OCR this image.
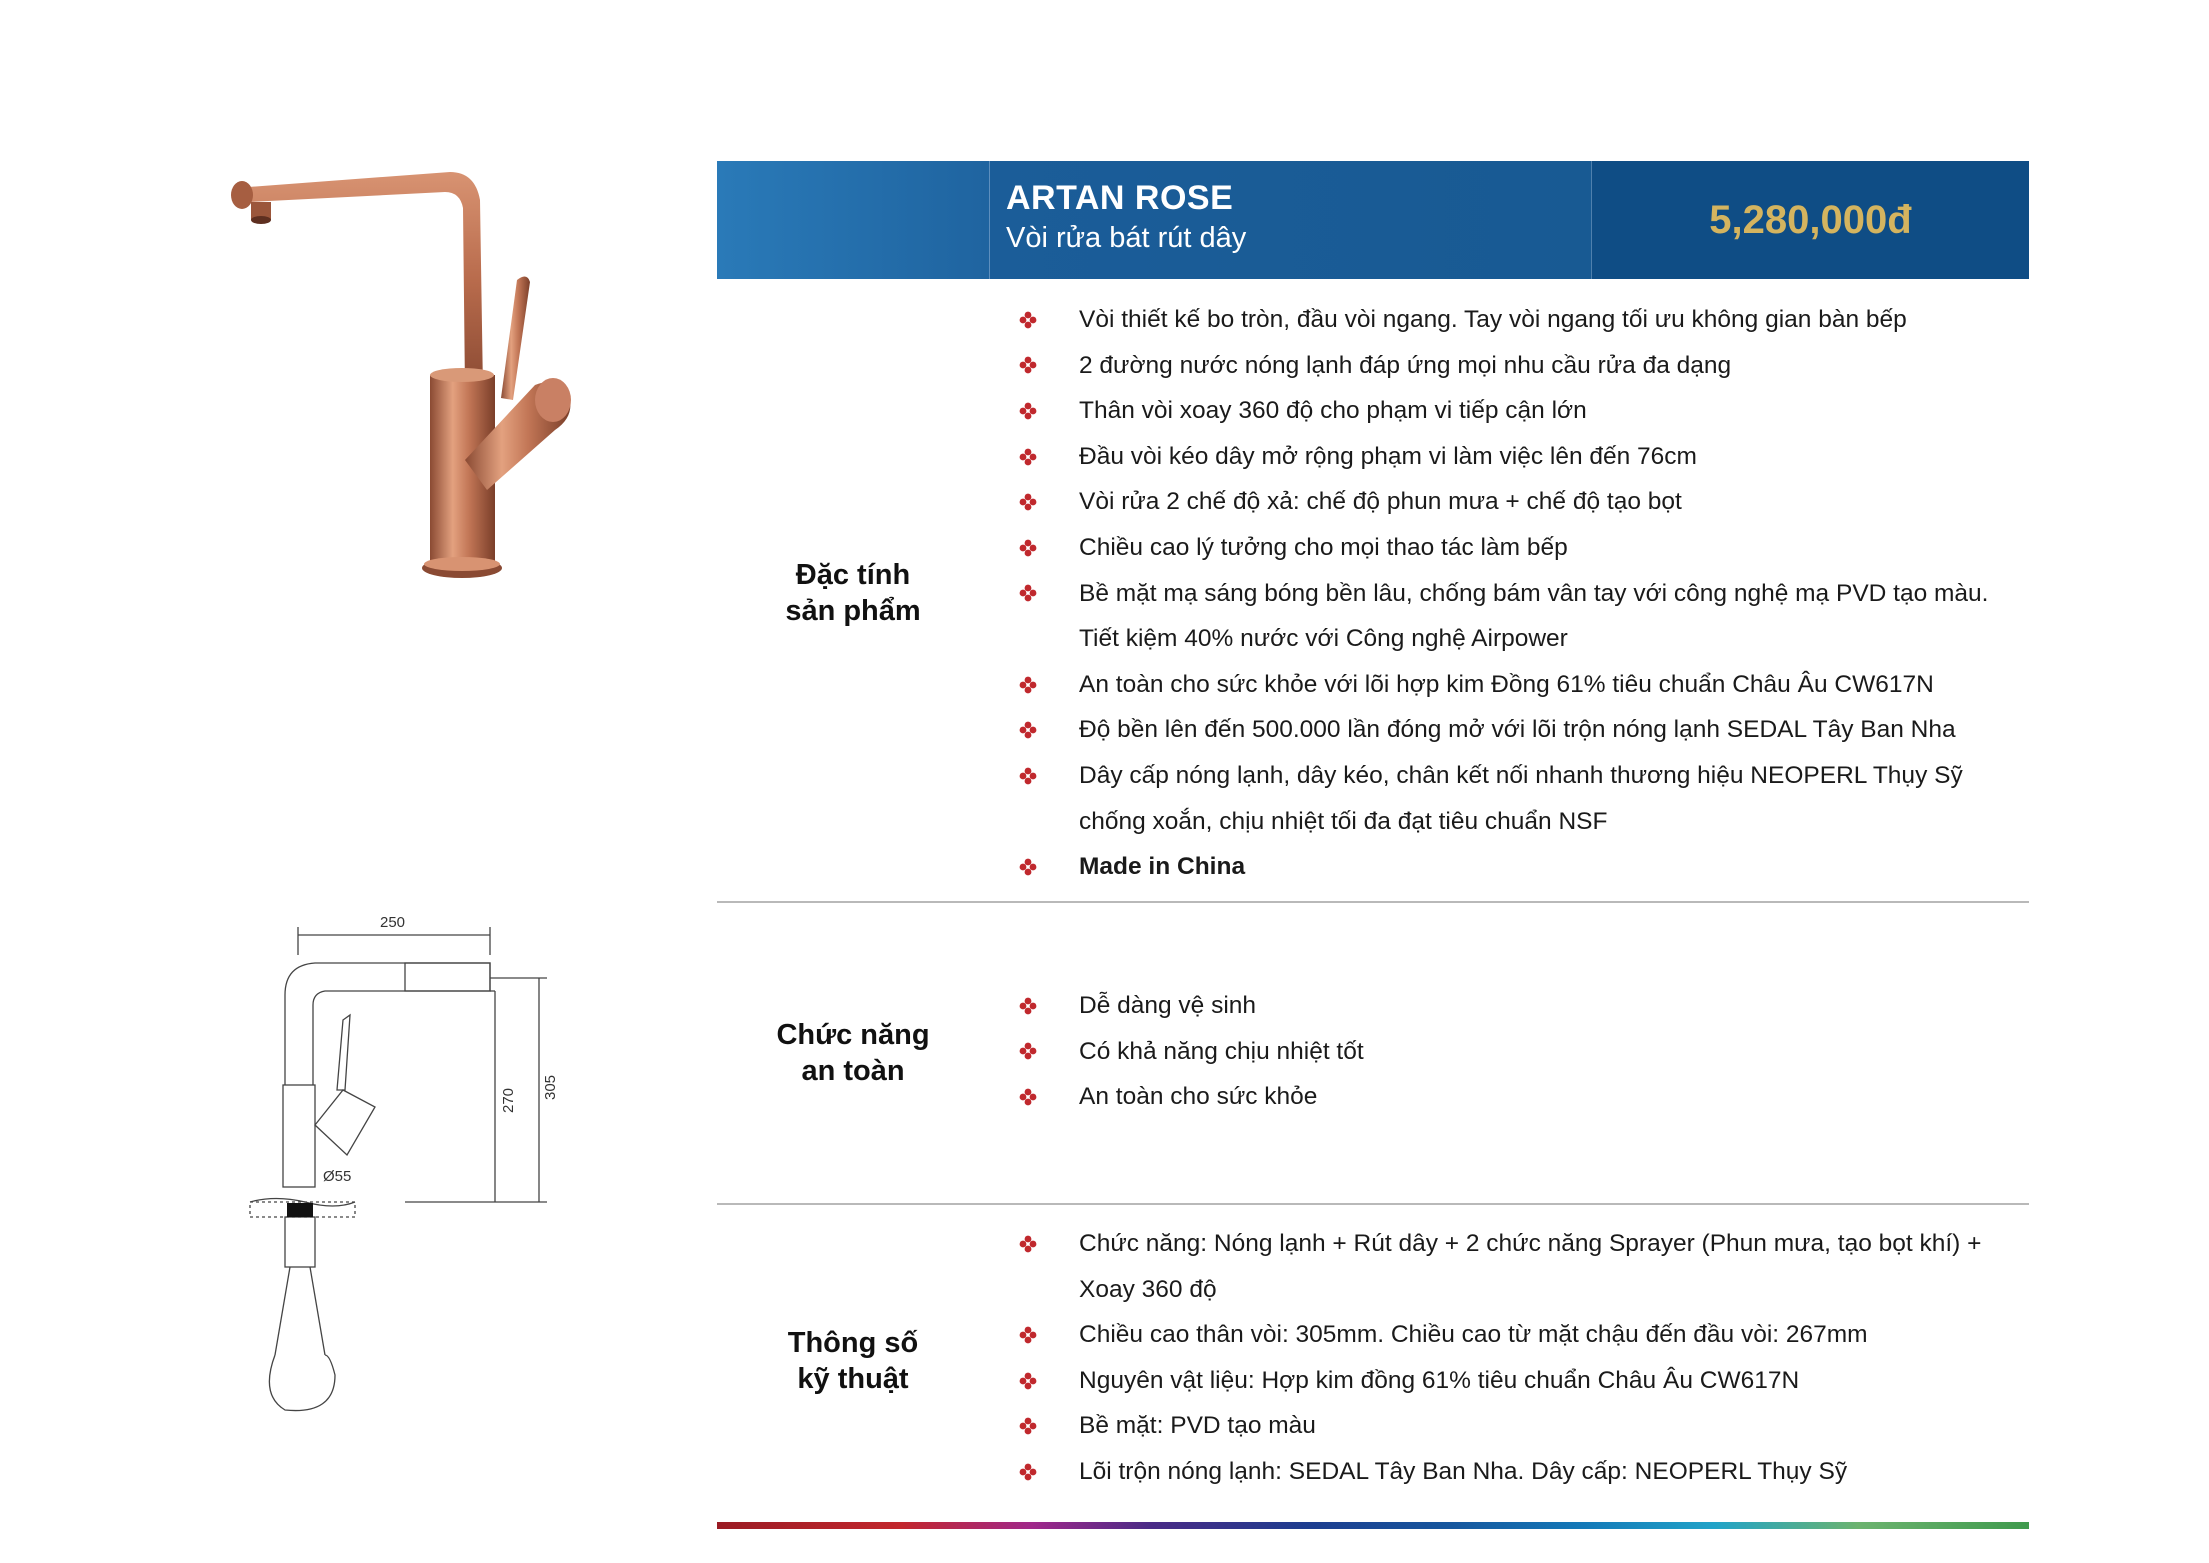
250
Ø55
270
305
ARTAN ROSE
Vòi rửa bát rút dây	5,280,000đ
Đặc tính
sản phẩm
Vòi thiết kế bo tròn, đầu vòi ngang. Tay vòi ngang tối ưu không gian bàn bếp
2 đường nước nóng lạnh đáp ứng mọi nhu cầu rửa đa dạng
Thân vòi xoay 360 độ cho phạm vi tiếp cận lớn
Đầu vòi kéo dây mở rộng phạm vi làm việc lên đến 76cm
Vòi rửa 2 chế độ xả: chế độ phun mưa + chế độ tạo bọt
Chiều cao lý tưởng cho mọi thao tác làm bếp
Bề mặt mạ sáng bóng bền lâu, chống bám vân tay với công nghệ mạ PVD tạo màu. Tiết kiệm 40% nước với Công nghệ Airpower
An toàn cho sức khỏe với lõi hợp kim Đồng 61% tiêu chuẩn Châu Âu CW617N
Độ bền lên đến 500.000 lần đóng mở với lõi trộn nóng lạnh SEDAL Tây Ban Nha
Dây cấp nóng lạnh, dây kéo, chân kết nối nhanh thương hiệu NEOPERL Thụy Sỹ chống xoắn, chịu nhiệt tối đa đạt tiêu chuẩn NSF
Made in China
Chức năng
an toàn
Dễ dàng vệ sinh
Có khả năng chịu nhiệt tốt
An toàn cho sức khỏe
Thông số
kỹ thuật
Chức năng: Nóng lạnh + Rút dây + 2 chức năng Sprayer (Phun mưa, tạo bọt khí) + Xoay 360 độ
Chiều cao thân vòi: 305mm. Chiều cao từ mặt chậu đến đầu vòi: 267mm
Nguyên vật liệu: Hợp kim đồng 61% tiêu chuẩn Châu Âu CW617N
Bề mặt: PVD tạo màu
Lõi trộn nóng lạnh: SEDAL Tây Ban Nha. Dây cấp: NEOPERL Thụy Sỹ
